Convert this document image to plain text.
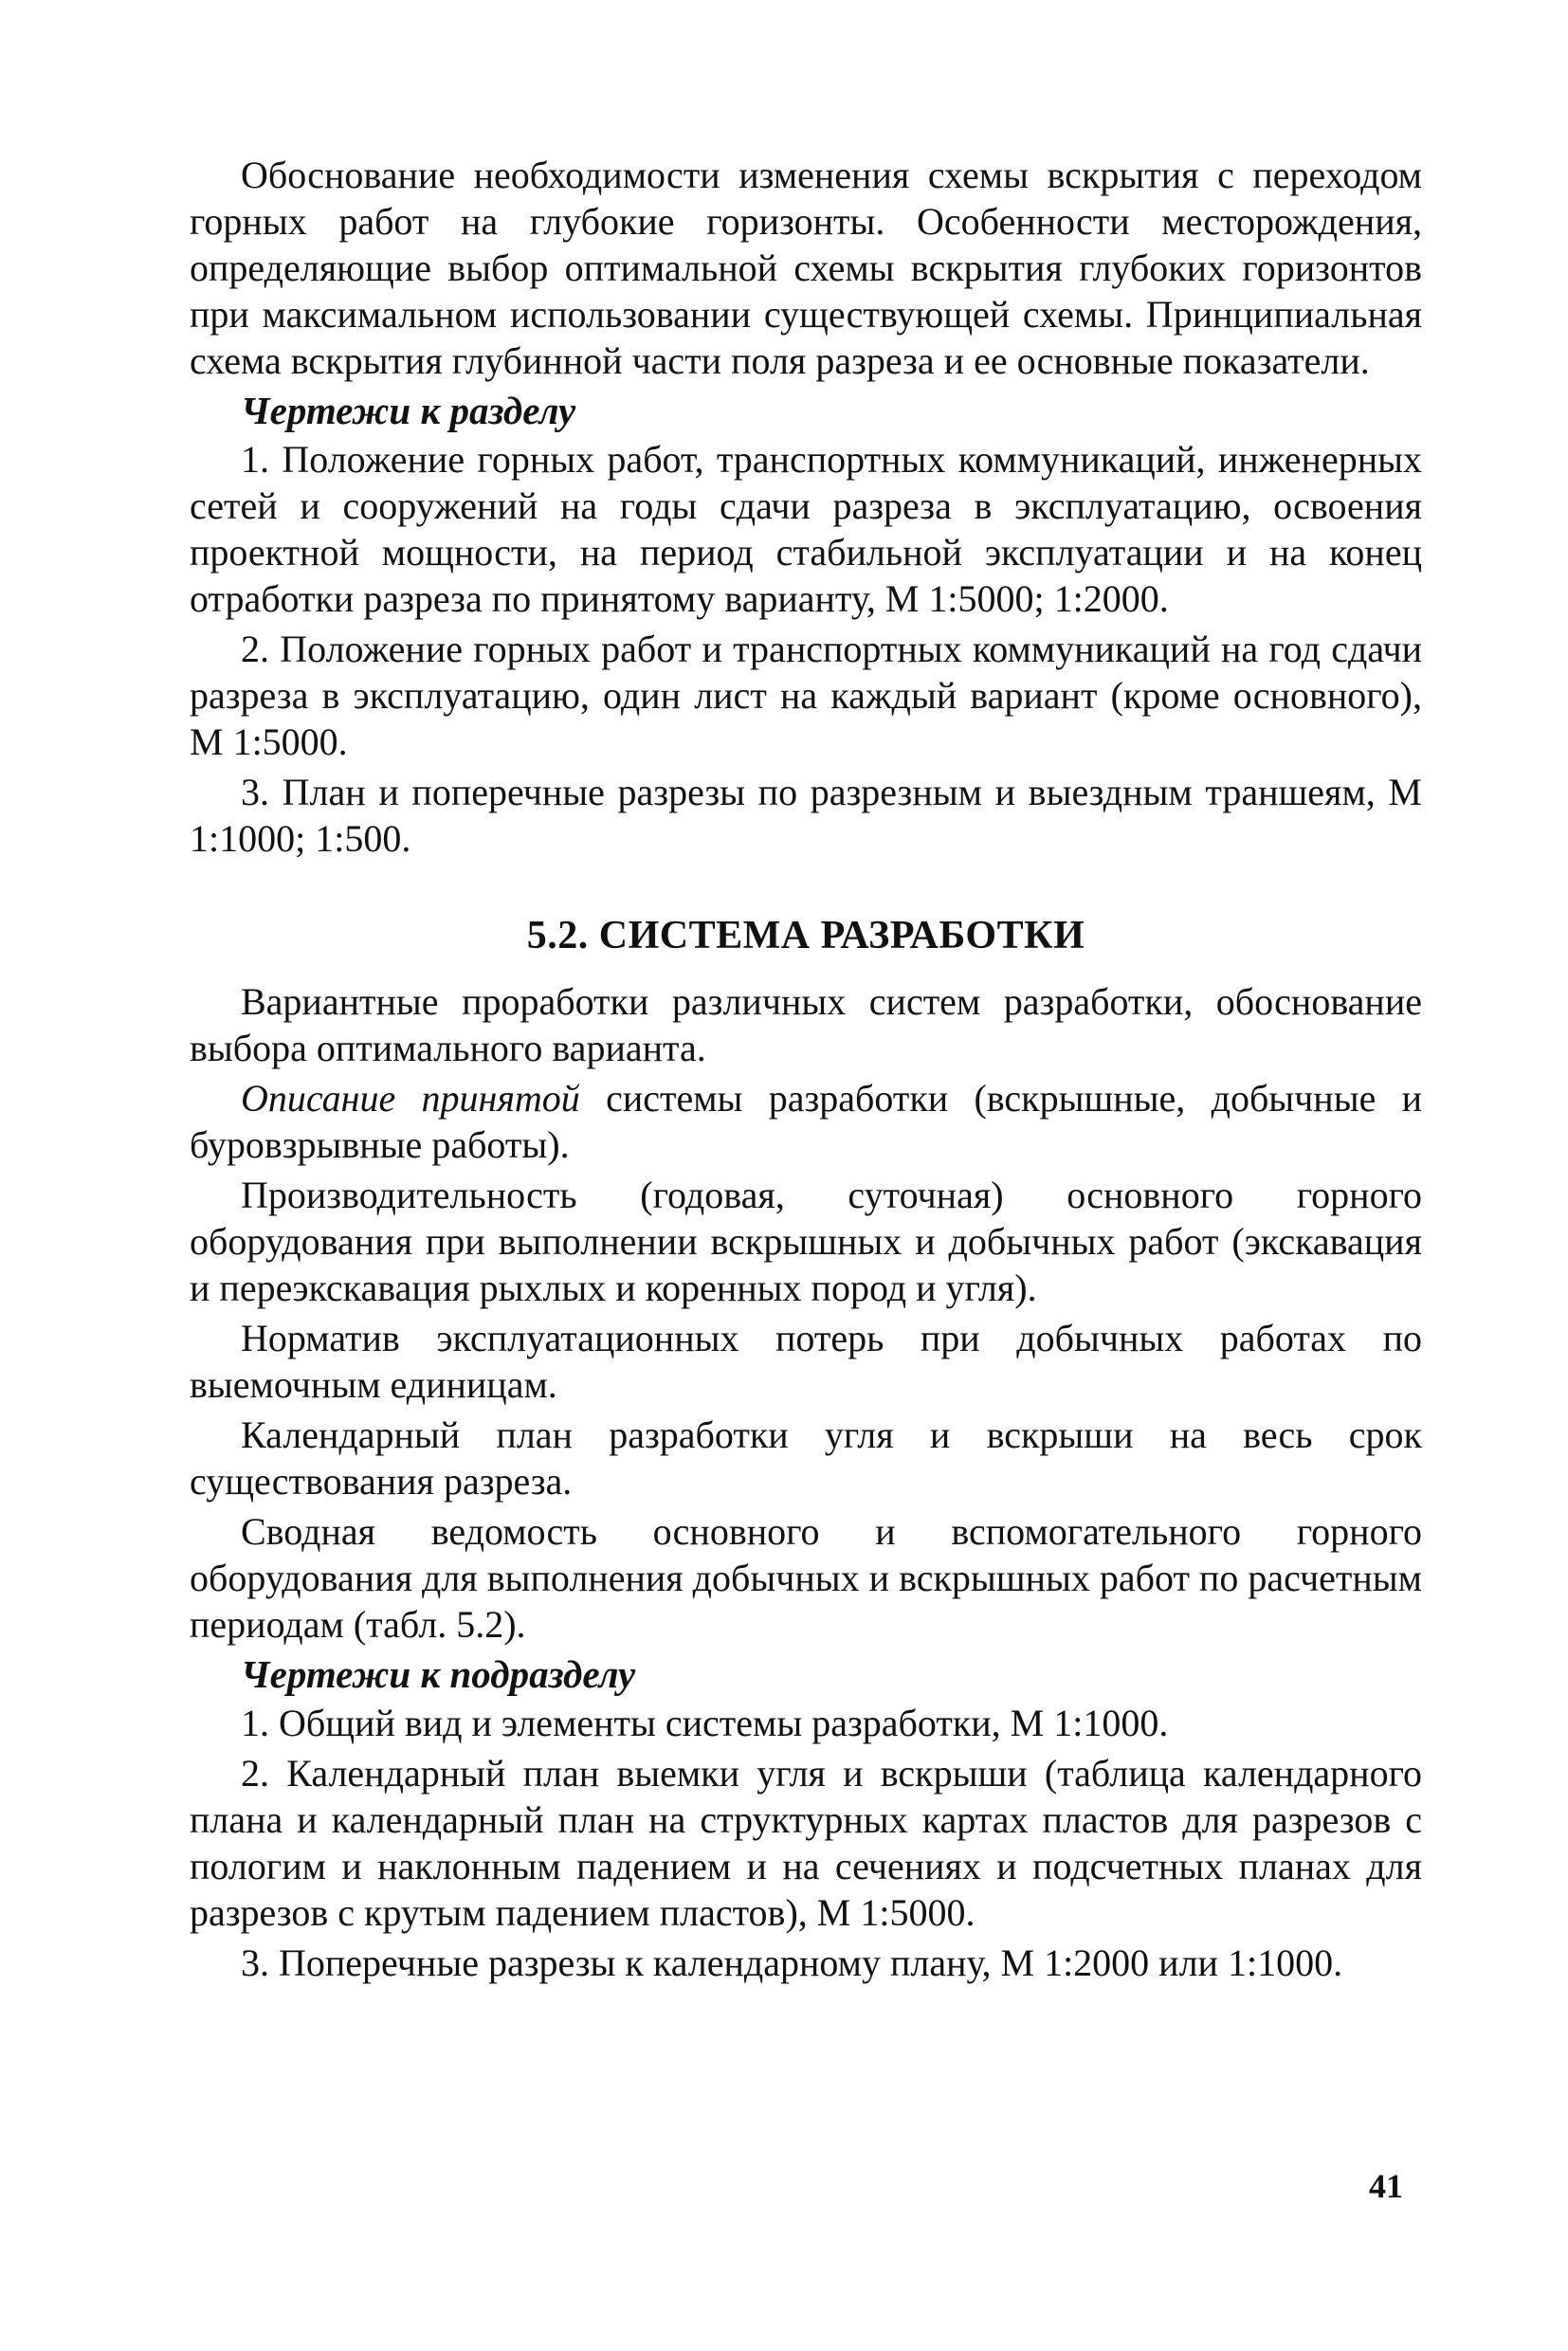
Обоснование необходимости изменения схемы вскрытия с переходом горных работ на глубокие горизонты. Особенности месторождения, определяющие выбор оптимальной схемы вскрытия глубоких горизонтов при максимальном использовании существующей схемы. Принципиальная схема вскрытия глубинной части поля разреза и ее основные показатели.

Чертежи к разделу

1. Положение горных работ, транспортных коммуникаций, инженерных сетей и сооружений на годы сдачи разреза в эксплуатацию, освоения проектной мощности, на период стабильной эксплуатации и на конец отработки разреза по принятому варианту, М 1:5000; 1:2000.

2. Положение горных работ и транспортных коммуникаций на год сдачи разреза в эксплуатацию, один лист на каждый вариант (кроме основного), М 1:5000.

3. План и поперечные разрезы по разрезным и выездным траншеям, М 1:1000; 1:500.

5.2. СИСТЕМА РАЗРАБОТКИ

Вариантные проработки различных систем разработки, обоснование выбора оптимального варианта.

Описание принятой системы разработки (вскрышные, добычные и буровзрывные работы).

Производительность (годовая, суточная) основного горного оборудования при выполнении вскрышных и добычных работ (экскавация и переэкскавация рыхлых и коренных пород и угля).

Норматив эксплуатационных потерь при добычных работах по выемочным единицам.

Календарный план разработки угля и вскрыши на весь срок существования разреза.

Сводная ведомость основного и вспомогательного горного оборудования для выполнения добычных и вскрышных работ по расчетным периодам (табл. 5.2).

Чертежи к подразделу

1. Общий вид и элементы системы разработки, М 1:1000.

2. Календарный план выемки угля и вскрыши (таблица календарного плана и календарный план на структурных картах пластов для разрезов с пологим и наклонным падением и на сечениях и подсчетных планах для разрезов с крутым падением пластов), М 1:5000.

3. Поперечные разрезы к календарному плану, М 1:2000 или 1:1000.

41
